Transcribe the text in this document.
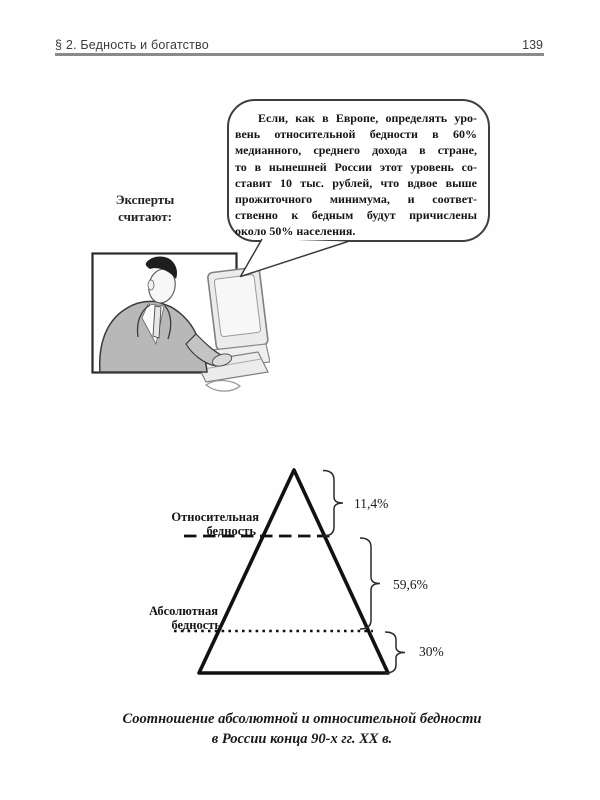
§ 2. Бедность и богатство	139
Эксперты
считают:
Если, как в Европе, определять уро-
вень относительной бедности в 60%
медианного, среднего дохода в стране,
то в нынешней России этот уровень со-
ставит 10 тыс. рублей, что вдвое выше
прожиточного минимума, и соответ-
ственно к бедным будут причислены
около 50% населения.
Относительная
бедность
Абсолютная
бедность
11,4%
59,6%
30%
Соотношение абсолютной и относительной бедности
в России конца 90-х гг. XX в.
